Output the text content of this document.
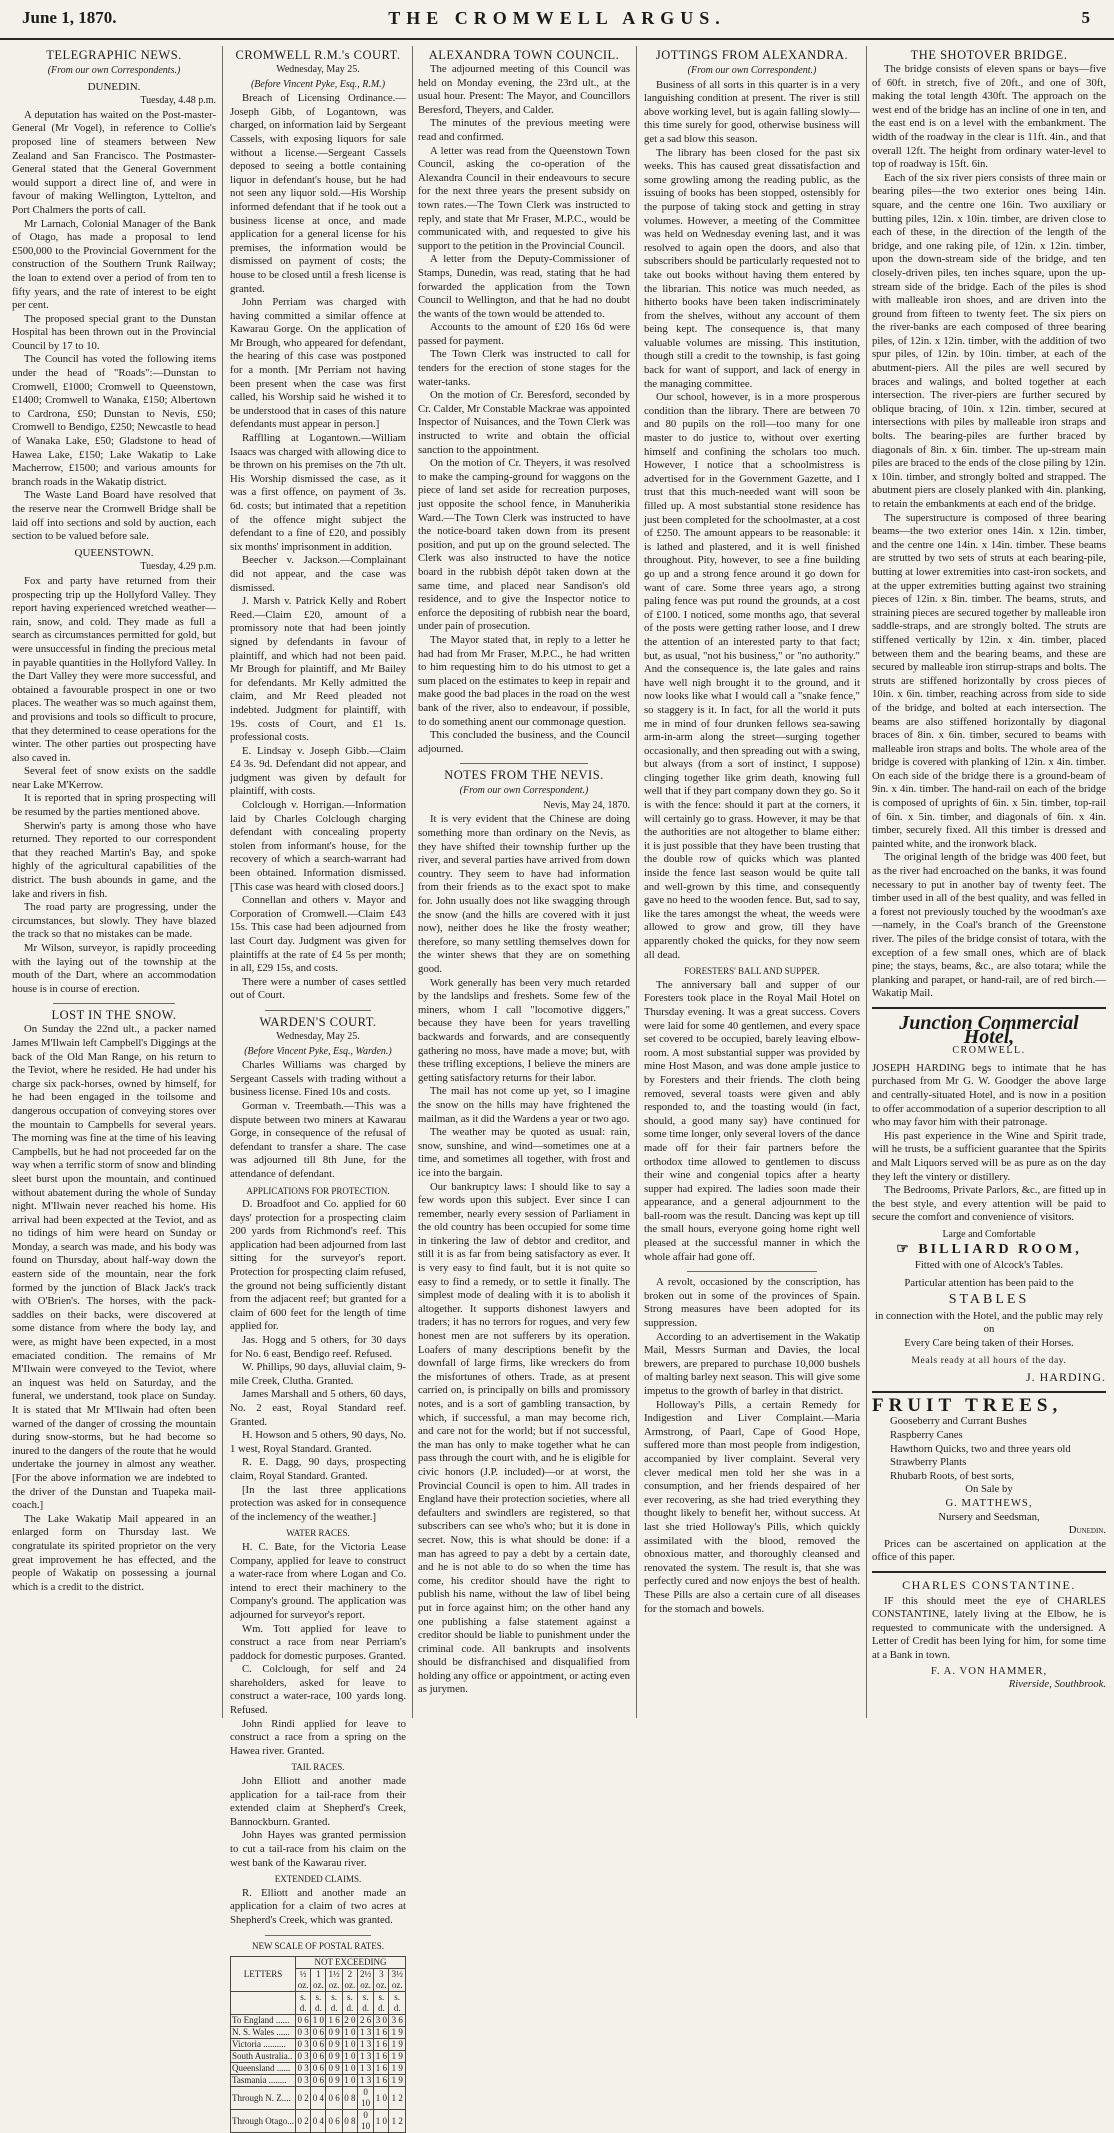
June 1, 1870.	THE CROMWELL ARGUS.	5
TELEGRAPHIC NEWS.
(From our own Correspondents.)
DUNEDIN.
Tuesday, 4.48 p.m.

A deputation has waited on the Post-master-General (Mr Vogel), in reference to Collie's proposed line of steamers between New Zealand and San Francisco. The Postmaster-General stated that the General Government would support a direct line of, and were in favour of making Wellington, Lyttelton, and Port Chalmers the ports of call.

Mr Larnach, Colonial Manager of the Bank of Otago, has made a proposal to lend £500,000 to the Provincial Government for the construction of the Southern Trunk Railway; the loan to extend over a period of from ten to fifty years, and the rate of interest to be eight per cent.

The proposed special grant to the Dunstan Hospital has been thrown out in the Provincial Council by 17 to 10.

The Council has voted the following items under the head of "Roads":—Dunstan to Cromwell, £1000; Cromwell to Queenstown, £1400; Cromwell to Wanaka, £150; Albertown to Cardrona, £50; Dunstan to Nevis, £50; Cromwell to Bendigo, £250; Newcastle to head of Wanaka Lake, £50; Gladstone to head of Hawea Lake, £150; Lake Wakatip to Lake Macherrow, £1500; and various amounts for branch roads in the Wakatip district.

The Waste Land Board have resolved that the reserve near the Cromwell Bridge shall be laid off into sections and sold by auction, each section to be valued before sale.

QUEENSTOWN.
Tuesday, 4.29 p.m.

Fox and party have returned from their prospecting trip up the Hollyford Valley. They report having experienced wretched weather—rain, snow, and cold. They made as full a search as circumstances permitted for gold, but were unsuccessful in finding the precious metal in payable quantities in the Hollyford Valley. In the Dart Valley they were more successful, and obtained a favourable prospect in one or two places. The weather was so much against them, and provisions and tools so difficult to procure, that they determined to cease operations for the winter. The other parties out prospecting have also caved in.

Several feet of snow exists on the saddle near Lake M'Kerrow.

It is reported that in spring prospecting will be resumed by the parties mentioned above.

Sherwin's party is among those who have returned. They reported to our correspondent that they reached Martin's Bay, and spoke highly of the agricultural capabilities of the district. The bush abounds in game, and the lake and rivers in fish.

The road party are progressing, under the circumstances, but slowly. They have blazed the track so that no mistakes can be made.

Mr Wilson, surveyor, is rapidly proceeding with the laying out of the township at the mouth of the Dart, where an accommodation house is in course of erection.

LOST IN THE SNOW.

On Sunday the 22nd ult., a packer named James M'Ilwain left Campbell's Diggings at the back of the Old Man Range, on his return to the Teviot, where he resided. He had under his charge six pack-horses, owned by himself, for he had been engaged in the toilsome and dangerous occupation of conveying stores over the mountain to Campbells for several years. The morning was fine at the time of his leaving Campbells, but he had not proceeded far on the way when a terrific storm of snow and blinding sleet burst upon the mountain, and continued without abatement during the whole of Sunday night. M'Ilwain never reached his home. His arrival had been expected at the Teviot, and as no tidings of him were heard on Sunday or Monday, a search was made, and his body was found on Thursday, about half-way down the eastern side of the mountain, near the fork formed by the junction of Black Jack's track with O'Brien's. The horses, with the pack-saddles on their backs, were discovered at some distance from where the body lay, and were, as might have been expected, in a most emaciated condition. The remains of Mr M'Ilwain were conveyed to the Teviot, where an inquest was held on Saturday, and the funeral, we understand, took place on Sunday. It is stated that Mr M'Ilwain had often been warned of the danger of crossing the mountain during snow-storms, but he had become so inured to the dangers of the route that he would undertake the journey in almost any weather. [For the above information we are indebted to the driver of the Dunstan and Tuapeka mail-coach.]

The Lake Wakatip Mail appeared in an enlarged form on Thursday last. We congratulate its spirited proprietor on the very great improvement he has effected, and the people of Wakatip on possessing a journal which is a credit to the district.

CROMWELL R.M.'s COURT.
Wednesday, May 25.
(Before Vincent Pyke, Esq., R.M.)

Breach of Licensing Ordinance.—Joseph Gibb, of Logantown, was charged, on information laid by Sergeant Cassels, with exposing liquors for sale without a license.—Sergeant Cassels deposed to seeing a bottle containing liquor in defendant's house, but he had not seen any liquor sold.—His Worship informed defendant that if he took out a business license at once, and made application for a general license for his premises, the information would be dismissed on payment of costs; the house to be closed until a fresh license is granted.

John Perriam was charged with having committed a similar offence at Kawarau Gorge. On the application of Mr Brough, who appeared for defendant, the hearing of this case was postponed for a month. [Mr Perriam not having been present when the case was first called, his Worship said he wished it to be understood that in cases of this nature defendants must appear in person.]

Rafflling at Logantown.—William Isaacs was charged with allowing dice to be thrown on his premises on the 7th ult. His Worship dismissed the case, as it was a first offence, on payment of 3s. 6d. costs; but intimated that a repetition of the offence might subject the defendant to a fine of £20, and possibly six months' imprisonment in addition.

Beecher v. Jackson.—Complainant did not appear, and the case was dismissed.

J. Marsh v. Patrick Kelly and Robert Reed.—Claim £20, amount of a promissory note that had been jointly signed by defendants in favour of plaintiff, and which had not been paid. Mr Brough for plaintiff, and Mr Bailey for defendants. Mr Kelly admitted the claim, and Mr Reed pleaded not indebted. Judgment for plaintiff, with 19s. costs of Court, and £1 1s. professional costs.

E. Lindsay v. Joseph Gibb.—Claim £4 3s. 9d. Defendant did not appear, and judgment was given by default for plaintiff, with costs.

Colclough v. Horrigan.—Information laid by Charles Colclough charging defendant with concealing property stolen from informant's house, for the recovery of which a search-warrant had been obtained. Information dismissed. [This case was heard with closed doors.]

Connellan and others v. Mayor and Corporation of Cromwell.—Claim £43 15s. This case had been adjourned from last Court day. Judgment was given for plaintiffs at the rate of £4 5s per month; in all, £29 15s, and costs.

There were a number of cases settled out of Court.

WARDEN'S COURT.
Wednesday, May 25.
(Before Vincent Pyke, Esq., Warden.)

Charles Williams was charged by Sergeant Cassels with trading without a business license. Fined 10s and costs.

Gorman v. Treembath.—This was a dispute between two miners at Kawarau Gorge, in consequence of the refusal of defendant to transfer a share. The case was adjourned till 8th June, for the attendance of defendant.

APPLICATIONS FOR PROTECTION.

D. Broadfoot and Co. applied for 60 days' protection for a prospecting claim 200 yards from Richmond's reef. This application had been adjourned from last sitting for the surveyor's report. Protection for prospecting claim refused, the ground not being sufficiently distant from the adjacent reef; but granted for a claim of 600 feet for the length of time applied for.

Jas. Hogg and 5 others, for 30 days for No. 6 east, Bendigo reef. Refused.

W. Phillips, 90 days, alluvial claim, 9-mile Creek, Clutha. Granted.

James Marshall and 5 others, 60 days, No. 2 east, Royal Standard reef. Granted.

H. Howson and 5 others, 90 days, No. 1 west, Royal Standard. Granted.

R. E. Dagg, 90 days, prospecting claim, Royal Standard. Granted.

[In the last three applications protection was asked for in consequence of the inclemency of the weather.]

WATER RACES.

H. C. Bate, for the Victoria Lease Company, applied for leave to construct a water-race from where Logan and Co. intend to erect their machinery to the Company's ground. The application was adjourned for surveyor's report.

Wm. Tott applied for leave to construct a race from near Perriam's paddock for domestic purposes. Granted.

C. Colclough, for self and 24 shareholders, asked for leave to construct a water-race, 100 yards long. Refused.

John Rindi applied for leave to construct a race from a spring on the Hawea river. Granted.

TAIL RACES.

John Elliott and another made application for a tail-race from their extended claim at Shepherd's Creek, Bannockburn. Granted.

John Hayes was granted permission to cut a tail-race from his claim on the west bank of the Kawarau river.

EXTENDED CLAIMS.

R. Elliott and another made an application for a claim of two acres at Shepherd's Creek, which was granted.

NEW SCALE OF POSTAL RATES.
LETTERS	NOT EXCEEDING						
	½ oz.	1 oz.	1½ oz.	2 oz.	2½ oz.	3 oz.	3½ oz.
	s. d.	s. d.	s. d.	s. d.	s. d.	s. d.	s. d.
To England ......	0 6	1 0	1 6	2 0	2 6	3 0	3 6
N. S. Wales ......	0 3	0 6	0 9	1 0	1 3	1 6	1 9
Victoria ..........	0 3	0 6	0 9	1 0	1 3	1 6	1 9
South Australia..	0 3	0 6	0 9	1 0	1 3	1 6	1 9
Queensland ......	0 3	0 6	0 9	1 0	1 3	1 6	1 9
Tasmania ........	0 3	0 6	0 9	1 0	1 3	1 6	1 9
Through N. Z....	0 2	0 4	0 6	0 8	0 10	1 0	1 2
Through Otago...	0 2	0 4	0 6	0 8	0 10	1 0	1 2
ALEXANDRA TOWN COUNCIL.

The adjourned meeting of this Council was held on Monday evening, the 23rd ult., at the usual hour. Present: The Mayor, and Councillors Beresford, Theyers, and Calder.

The minutes of the previous meeting were read and confirmed.

A letter was read from the Queenstown Town Council, asking the co-operation of the Alexandra Council in their endeavours to secure for the next three years the present subsidy on town rates.—The Town Clerk was instructed to reply, and state that Mr Fraser, M.P.C., would be communicated with, and requested to give his support to the petition in the Provincial Council.

A letter from the Deputy-Commissioner of Stamps, Dunedin, was read, stating that he had forwarded the application from the Town Council to Wellington, and that he had no doubt the wants of the town would be attended to.

Accounts to the amount of £20 16s 6d were passed for payment.

The Town Clerk was instructed to call for tenders for the erection of stone stages for the water-tanks.

On the motion of Cr. Beresford, seconded by Cr. Calder, Mr Constable Mackrae was appointed Inspector of Nuisances, and the Town Clerk was instructed to write and obtain the official sanction to the appointment.

On the motion of Cr. Theyers, it was resolved to make the camping-ground for waggons on the piece of land set aside for recreation purposes, just opposite the school fence, in Manuherikia Ward.—The Town Clerk was instructed to have the notice-board taken down from its present position, and put up on the ground selected. The Clerk was also instructed to have the notice board in the rubbish dépôt taken down at the same time, and placed near Sandison's old residence, and to give the Inspector notice to enforce the depositing of rubbish near the board, under pain of prosecution.

The Mayor stated that, in reply to a letter he had had from Mr Fraser, M.P.C., he had written to him requesting him to do his utmost to get a sum placed on the estimates to keep in repair and make good the bad places in the road on the west bank of the river, also to endeavour, if possible, to do something anent our commonage question.

This concluded the business, and the Council adjourned.

NOTES FROM THE NEVIS.
(From our own Correspondent.)
Nevis, May 24, 1870.

It is very evident that the Chinese are doing something more than ordinary on the Nevis, as they have shifted their township further up the river, and several parties have arrived from down country. They seem to have had information from their friends as to the exact spot to make for. John usually does not like swagging through the snow (and the hills are covered with it just now), neither does he like the frosty weather; therefore, so many settling themselves down for the winter shews that they are on something good.

Work generally has been very much retarded by the landslips and freshets. Some few of the miners, whom I call "locomotive diggers," because they have been for years travelling backwards and forwards, and are consequently gathering no moss, have made a move; but, with these trifling exceptions, I believe the miners are getting satisfactory returns for their labor.

The mail has not come up yet, so I imagine the snow on the hills may have frightened the mailman, as it did the Wardens a year or two ago.

The weather may be quoted as usual: rain, snow, sunshine, and wind—sometimes one at a time, and sometimes all together, with frost and ice into the bargain.

Our bankruptcy laws: I should like to say a few words upon this subject. Ever since I can remember, nearly every session of Parliament in the old country has been occupied for some time in tinkering the law of debtor and creditor, and still it is as far from being satisfactory as ever. It is very easy to find fault, but it is not quite so easy to find a remedy, or to settle it finally. The simplest mode of dealing with it is to abolish it altogether. It supports dishonest lawyers and traders; it has no terrors for rogues, and very few honest men are not sufferers by its operation. Loafers of many descriptions benefit by the downfall of large firms, like wreckers do from the misfortunes of others. Trade, as at present carried on, is principally on bills and promissory notes, and is a sort of gambling transaction, by which, if successful, a man may become rich, and care not for the world; but if not successful, the man has only to make together what he can pass through the court with, and he is eligible for civic honors (J.P. included)—or at worst, the Provincial Council is open to him. All trades in England have their protection societies, where all defaulters and swindlers are registered, so that subscribers can see who's who; but it is done in secret. Now, this is what should be done: if a man has agreed to pay a debt by a certain date, and he is not able to do so when the time has come, his creditor should have the right to publish his name, without the law of libel being put in force against him; on the other hand any one publishing a false statement against a creditor should be liable to punishment under the criminal code. All bankrupts and insolvents should be disfranchised and disqualified from holding any office or appointment, or acting even as jurymen.

JOTTINGS FROM ALEXANDRA.
(From our own Correspondent.)

Business of all sorts in this quarter is in a very languishing condition at present. The river is still above working level, but is again falling slowly—this time surely for good, otherwise business will get a sad blow this season.

The library has been closed for the past six weeks. This has caused great dissatisfaction and some growling among the reading public, as the issuing of books has been stopped, ostensibly for the purpose of taking stock and getting in stray volumes. However, a meeting of the Committee was held on Wednesday evening last, and it was resolved to again open the doors, and also that subscribers should be particularly requested not to take out books without having them entered by the librarian. This notice was much needed, as hitherto books have been taken indiscriminately from the shelves, without any account of them being kept. The consequence is, that many valuable volumes are missing. This institution, though still a credit to the township, is fast going back for want of support, and lack of energy in the managing committee.

Our school, however, is in a more prosperous condition than the library. There are between 70 and 80 pupils on the roll—too many for one master to do justice to, without over exerting himself and confining the scholars too much. However, I notice that a schoolmistress is advertised for in the Government Gazette, and I trust that this much-needed want will soon be filled up. A most substantial stone residence has just been completed for the schoolmaster, at a cost of £250. The amount appears to be reasonable: it is lathed and plastered, and it is well finished throughout. Pity, however, to see a fine building go up and a strong fence around it go down for want of care. Some three years ago, a strong paling fence was put round the grounds, at a cost of £100. I noticed, some months ago, that several of the posts were getting rather loose, and I drew the attention of an interested party to that fact; but, as usual, "not his business," or "no authority." And the consequence is, the late gales and rains have well nigh brought it to the ground, and it now looks like what I would call a "snake fence," so staggery is it. In fact, for all the world it puts me in mind of four drunken fellows sea-sawing arm-in-arm along the street—surging together occasionally, and then spreading out with a swing, but always (from a sort of instinct, I suppose) clinging together like grim death, knowing full well that if they part company down they go. So it is with the fence: should it part at the corners, it will certainly go to grass. However, it may be that the authorities are not altogether to blame either: it is just possible that they have been trusting that the double row of quicks which was planted inside the fence last season would be quite tall and well-grown by this time, and consequently gave no heed to the wooden fence. But, sad to say, like the tares amongst the wheat, the weeds were allowed to grow and grow, till they have apparently choked the quicks, for they now seem all dead.

FORESTERS' BALL AND SUPPER.

The anniversary ball and supper of our Foresters took place in the Royal Mail Hotel on Thursday evening. It was a great success. Covers were laid for some 40 gentlemen, and every space set covered to be occupied, barely leaving elbow-room. A most substantial supper was provided by mine Host Mason, and was done ample justice to by Foresters and their friends. The cloth being removed, several toasts were given and ably responded to, and the toasting would (in fact, should, a good many say) have continued for some time longer, only several lovers of the dance made off for their fair partners before the orthodox time allowed to gentlemen to discuss their wine and congenial topics after a hearty supper had expired. The ladies soon made their appearance, and a general adjournment to the ball-room was the result. Dancing was kept up till the small hours, everyone going home right well pleased at the successful manner in which the whole affair had gone off.

A revolt, occasioned by the conscription, has broken out in some of the provinces of Spain. Strong measures have been adopted for its suppression.

According to an advertisement in the Wakatip Mail, Messrs Surman and Davies, the local brewers, are prepared to purchase 10,000 bushels of malting barley next season. This will give some impetus to the growth of barley in that district.

Holloway's Pills, a certain Remedy for Indigestion and Liver Complaint.—Maria Armstrong, of Paarl, Cape of Good Hope, suffered more than most people from indigestion, accompanied by liver complaint. Several very clever medical men told her she was in a consumption, and her friends despaired of her ever recovering, as she had tried everything they thought likely to benefit her, without success. At last she tried Holloway's Pills, which quickly assimilated with the blood, removed the obnoxious matter, and thoroughly cleansed and renovated the system. The result is, that she was perfectly cured and now enjoys the best of health. These Pills are also a certain cure of all diseases for the stomach and bowels.

THE SHOTOVER BRIDGE.

The bridge consists of eleven spans or bays—five of 60ft. in stretch, five of 20ft., and one of 30ft, making the total length 430ft. The approach on the west end of the bridge has an incline of one in ten, and the east end is on a level with the embankment. The width of the roadway in the clear is 11ft. 4in., and that overall 12ft. The height from ordinary water-level to top of roadway is 15ft. 6in.

Each of the six river piers consists of three main or bearing piles—the two exterior ones being 14in. square, and the centre one 16in. Two auxiliary or butting piles, 12in. x 10in. timber, are driven close to each of these, in the direction of the length of the bridge, and one raking pile, of 12in. x 12in. timber, upon the down-stream side of the bridge, and ten closely-driven piles, ten inches square, upon the up-stream side of the bridge. Each of the piles is shod with malleable iron shoes, and are driven into the ground from fifteen to twenty feet. The six piers on the river-banks are each composed of three bearing piles, of 12in. x 12in. timber, with the addition of two spur piles, of 12in. by 10in. timber, at each of the abutment-piers. All the piles are well secured by braces and walings, and bolted together at each intersection. The river-piers are further secured by oblique bracing, of 10in. x 12in. timber, secured at intersections with piles by malleable iron straps and bolts. The bearing-piles are further braced by diagonals of 8in. x 6in. timber. The up-stream main piles are braced to the ends of the close piling by 12in. x 10in. timber, and strongly bolted and strapped. The abutment piers are closely planked with 4in. planking, to retain the embankments at each end of the bridge.

The superstructure is composed of three bearing beams—the two exterior ones 14in. x 12in. timber, and the centre one 14in. x 14in. timber. These beams are strutted by two sets of struts at each bearing-pile, butting at lower extremities into cast-iron sockets, and at the upper extremities butting against two straining pieces of 12in. x 8in. timber. The beams, struts, and straining pieces are secured together by malleable iron saddle-straps, and are strongly bolted. The struts are stiffened vertically by 12in. x 4in. timber, placed between them and the bearing beams, and these are secured by malleable iron stirrup-straps and bolts. The struts are stiffened horizontally by cross pieces of 10in. x 6in. timber, reaching across from side to side of the bridge, and bolted at each intersection. The beams are also stiffened horizontally by diagonal braces of 8in. x 6in. timber, secured to beams with malleable iron straps and bolts. The whole area of the bridge is covered with planking of 12in. x 4in. timber. On each side of the bridge there is a ground-beam of 9in. x 4in. timber. The hand-rail on each of the bridge is composed of uprights of 6in. x 5in. timber, top-rail of 6in. x 5in. timber, and diagonals of 6in. x 4in. timber, securely fixed. All this timber is dressed and painted white, and the ironwork black.

The original length of the bridge was 400 feet, but as the river had encroached on the banks, it was found necessary to put in another bay of twenty feet. The timber used in all of the best quality, and was felled in a forest not previously touched by the woodman's axe—namely, in the Coal's branch of the Greenstone river. The piles of the bridge consist of totara, with the exception of a few small ones, which are of black pine; the stays, beams, &c., are also totara; while the planking and parapet, or hand-rail, are of red birch.—Wakatip Mail.

Junction Commercial Hotel,
CROMWELL.

JOSEPH HARDING begs to intimate that he has purchased from Mr G. W. Goodger the above large and centrally-situated Hotel, and is now in a position to offer accommodation of a superior description to all who may favor him with their patronage.

His past experience in the Wine and Spirit trade, will he trusts, be a sufficient guarantee that the Spirits and Malt Liquors served will be as pure as on the day they left the vintery or distillery.

The Bedrooms, Private Parlors, &c., are fitted up in the best style, and every attention will be paid to secure the comfort and convenience of visitors.

Large and Comfortable

☞ BILLIARD ROOM,

Fitted with one of Alcock's Tables.

Particular attention has been paid to the

STABLES

in connection with the Hotel, and the public may rely on

Every Care being taken of their Horses.

Meals ready at all hours of the day.

J. HARDING.
FRUIT TREES,

Gooseberry and Currant Bushes

Raspberry Canes

Hawthorn Quicks, two and three years old

Strawberry Plants

Rhubarb Roots, of best sorts,

On Sale by

G. MATTHEWS,

Nursery and Seedsman,

Dunedin.

Prices can be ascertained on application at the office of this paper.

CHARLES CONSTANTINE.

IF this should meet the eye of CHARLES CONSTANTINE, lately living at the Elbow, he is requested to communicate with the undersigned. A Letter of Credit has been lying for him, for some time at a Bank in town.

F. A. VON HAMMER,

Riverside, Southbrook.
